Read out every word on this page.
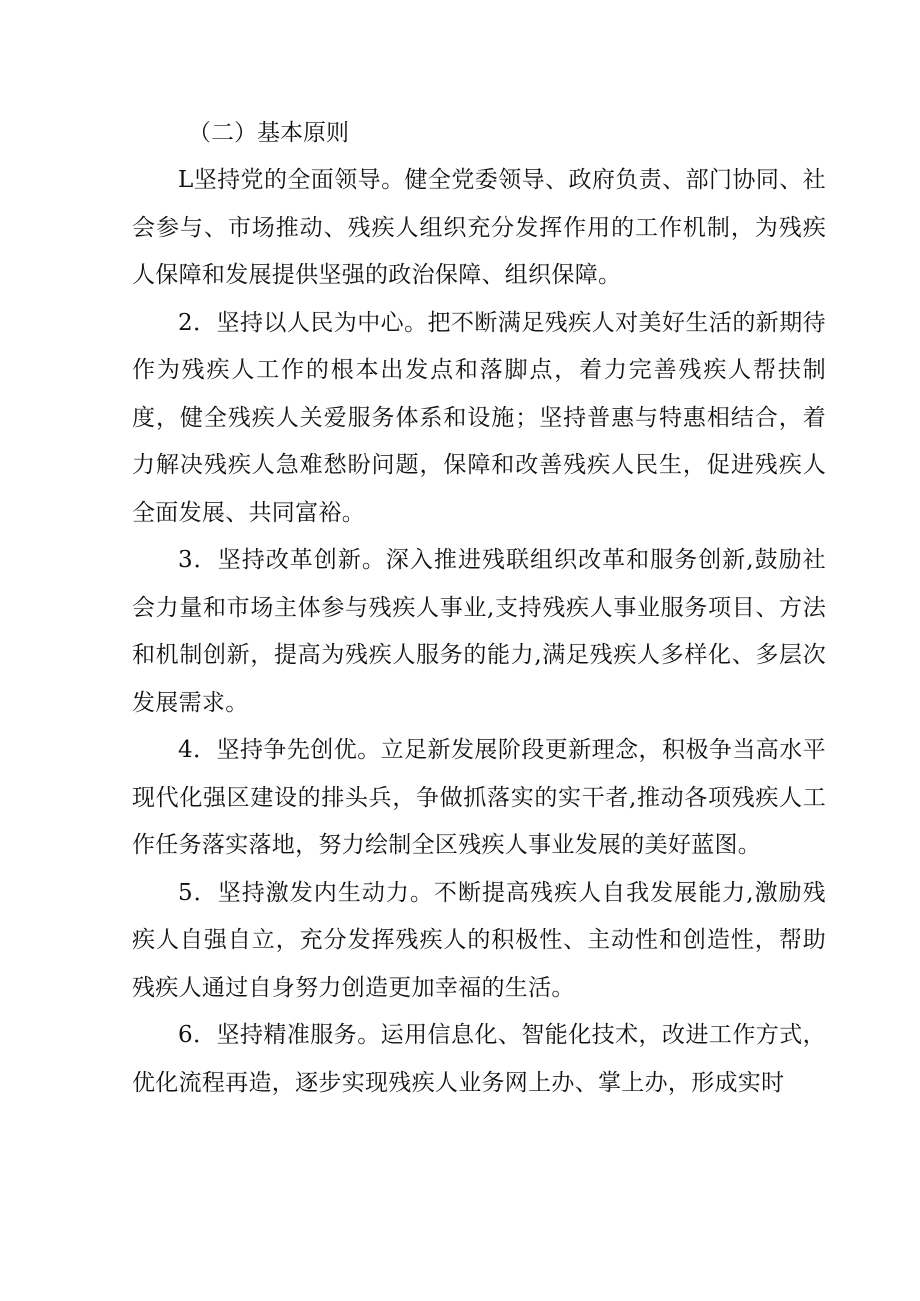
（二）基本原则

L坚持党的全面领导。健全党委领导、政府负责、部门协同、社会参与、市场推动、残疾人组织充分发挥作用的工作机制，为残疾人保障和发展提供坚强的政治保障、组织保障。

2．坚持以人民为中心。把不断满足残疾人对美好生活的新期待作为残疾人工作的根本出发点和落脚点，着力完善残疾人帮扶制度，健全残疾人关爱服务体系和设施；坚持普惠与特惠相结合，着力解决残疾人急难愁盼问题，保障和改善残疾人民生，促进残疾人全面发展、共同富裕。

3．坚持改革创新。深入推进残联组织改革和服务创新,鼓励社会力量和市场主体参与残疾人事业,支持残疾人事业服务项目、方法和机制创新，提高为残疾人服务的能力,满足残疾人多样化、多层次发展需求。

4．坚持争先创优。立足新发展阶段更新理念，积极争当高水平现代化强区建设的排头兵，争做抓落实的实干者,推动各项残疾人工作任务落实落地，努力绘制全区残疾人事业发展的美好蓝图。

5．坚持激发内生动力。不断提高残疾人自我发展能力,激励残疾人自强自立，充分发挥残疾人的积极性、主动性和创造性，帮助残疾人通过自身努力创造更加幸福的生活。

6．坚持精准服务。运用信息化、智能化技术，改进工作方式，优化流程再造，逐步实现残疾人业务网上办、掌上办，形成实时
